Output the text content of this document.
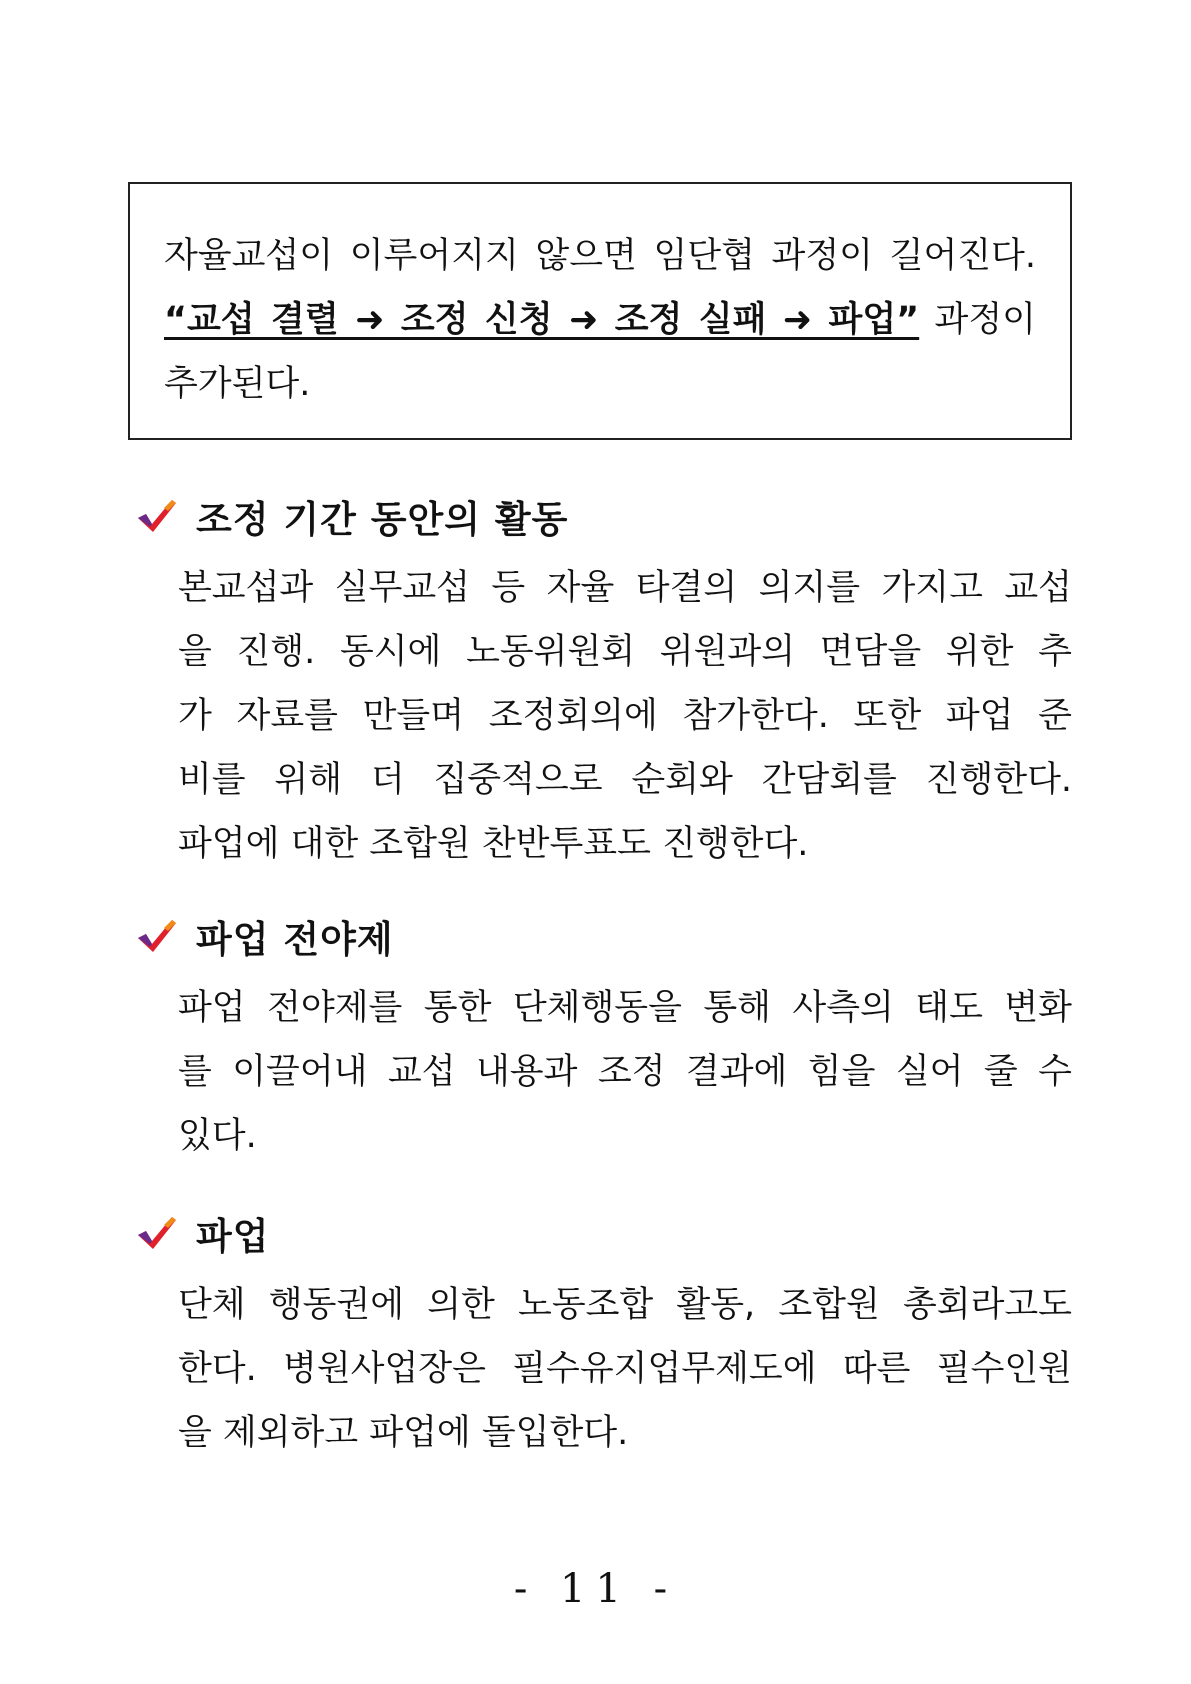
자율교섭이 이루어지지 않으면 임단협 과정이 길어진다.

“교섭 결렬 ➜ 조정 신청 ➜ 조정 실패 ➜ 파업” 과정이

추가된다.

조정 기간 동안의 활동

본교섭과 실무교섭 등 자율 타결의 의지를 가지고 교섭

을 진행. 동시에 노동위원회 위원과의 면담을 위한 추

가 자료를 만들며 조정회의에 참가한다. 또한 파업 준

비를 위해 더 집중적으로 순회와 간담회를 진행한다.

파업에 대한 조합원 찬반투표도 진행한다.

파업 전야제

파업 전야제를 통한 단체행동을 통해 사측의 태도 변화

를 이끌어내 교섭 내용과 조정 결과에 힘을 실어 줄 수

있다.

파업

단체 행동권에 의한 노동조합 활동, 조합원 총회라고도

한다. 병원사업장은 필수유지업무제도에 따른 필수인원

을 제외하고 파업에 돌입한다.

- 11 -
